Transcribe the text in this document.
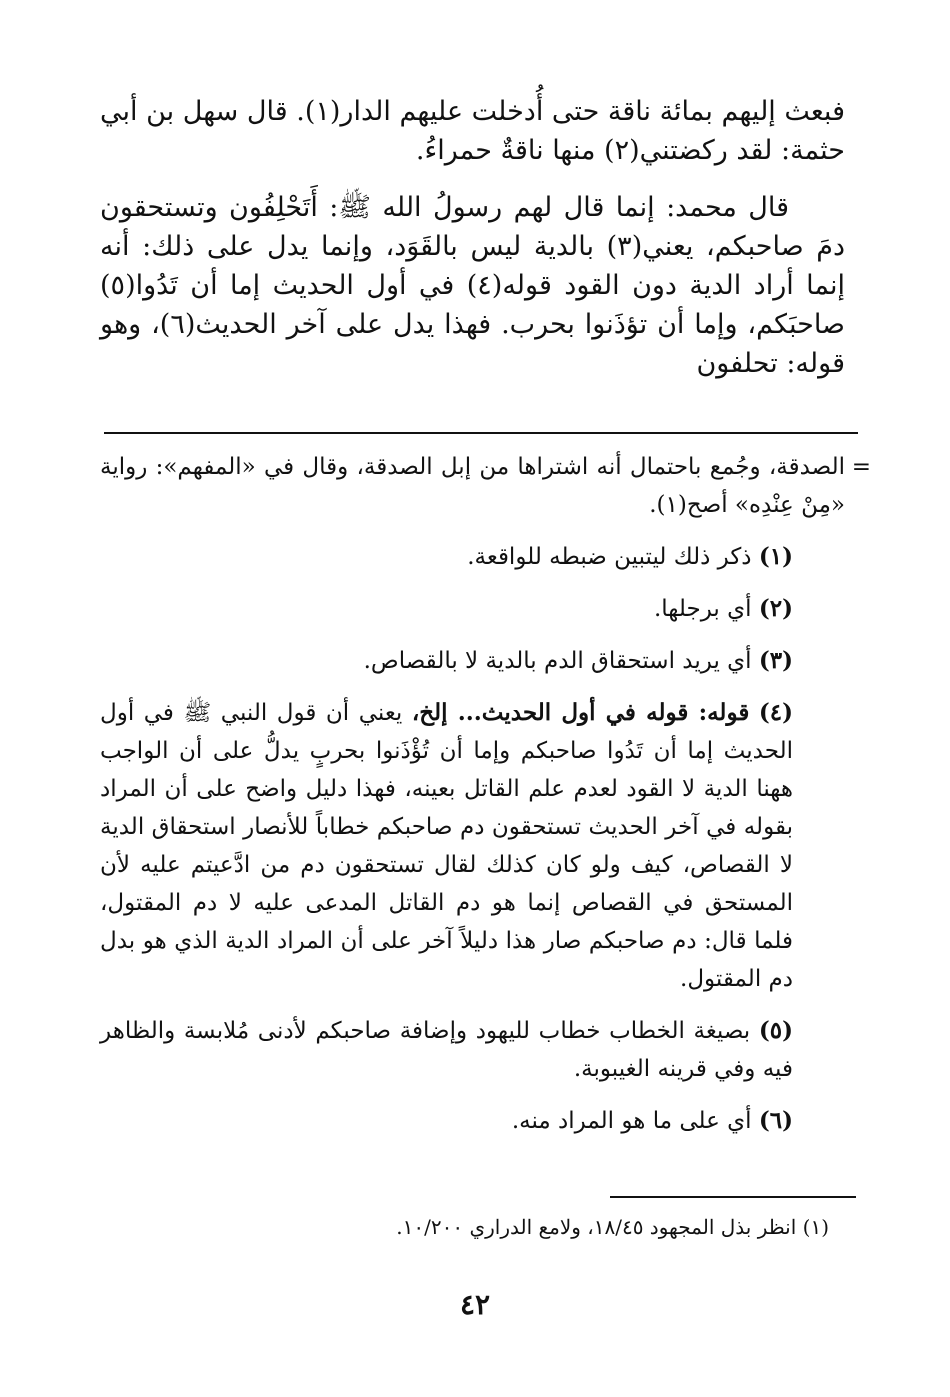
فبعث إليهم بمائة ناقة حتى أُدخلت عليهم الدار(١). قال سهل بن أبي حثمة: لقد ركضتني(٢) منها ناقةٌ حمراءُ.

قال محمد: إنما قال لهم رسولُ الله ﷺ: أَتَحْلِفُون وتستحقون دمَ صاحبكم، يعني(٣) بالدية ليس بالقَوَد، وإنما يدل على ذلك: أنه إنما أراد الدية دون القود قوله(٤) في أول الحديث إما أن تَدُوا(٥) صاحبَكم، وإما أن تؤذَنوا بحرب. فهذا يدل على آخر الحديث(٦)، وهو قوله: تحلفون

=
الصدقة، وجُمع باحتمال أنه اشتراها من إبل الصدقة، وقال في «المفهم»: رواية «مِنْ عِنْدِه» أصح(١).

(١) ذكر ذلك ليتبين ضبطه للواقعة.

(٢) أي برجلها.

(٣) أي يريد استحقاق الدم بالدية لا بالقصاص.

(٤) قوله: قوله في أول الحديث... إلخ، يعني أن قول النبي ﷺ في أول الحديث إما أن تَدُوا صاحبكم وإما أن تُؤْذَنوا بحربٍ يدلُّ على أن الواجب ههنا الدية لا القود لعدم علم القاتل بعينه، فهذا دليل واضح على أن المراد بقوله في آخر الحديث تستحقون دم صاحبكم خطاباً للأنصار استحقاق الدية لا القصاص، كيف ولو كان كذلك لقال تستحقون دم من ادَّعيتم عليه لأن المستحق في القصاص إنما هو دم القاتل المدعى عليه لا دم المقتول، فلما قال: دم صاحبكم صار هذا دليلاً آخر على أن المراد الدية الذي هو بدل دم المقتول.

(٥) بصيغة الخطاب خطاب لليهود وإضافة صاحبكم لأدنى مُلابسة والظاهر فيه وفي قرينه الغيبوبة.

(٦) أي على ما هو المراد منه.

(١) انظر بذل المجهود ١٨/٤٥، ولامع الدراري ١٠/٢٠٠.

٤٢
